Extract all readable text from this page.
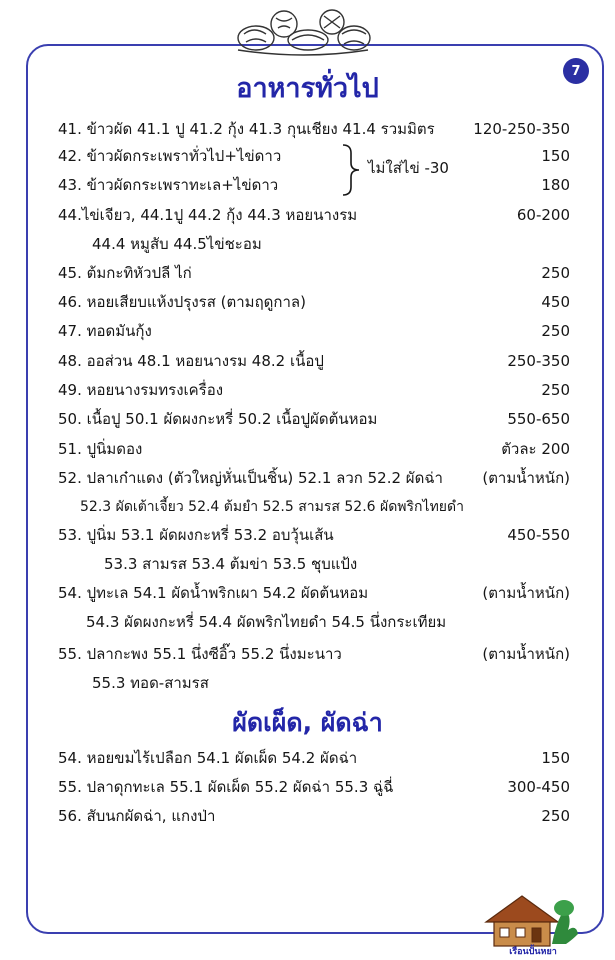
7
อาหารทั่วไป
41. ข้าวผัด 41.1 ปู 41.2 กุ้ง 41.3 กุนเชียง 41.4 รวมมิตร	120-250-350
42. ข้าวผัดกระเพราทั่วไป+ไข่ดาว	150
43. ข้าวผัดกระเพราทะเล+ไข่ดาว	180
ไม่ใส่ไข่ -30
44.ไข่เจียว, 44.1ปู 44.2 กุ้ง 44.3 หอยนางรม	60-200
44.4 หมูสับ 44.5ไข่ชะอม
45. ต้มกะทิหัวปลี ไก่	250
46. หอยเสียบแห้งปรุงรส (ตามฤดูกาล)	450
47. ทอดมันกุ้ง	250
48. ออส่วน 48.1 หอยนางรม 48.2 เนื้อปู	250-350
49. หอยนางรมทรงเครื่อง	250
50. เนื้อปู 50.1 ผัดผงกะหรี่ 50.2 เนื้อปูผัดต้นหอม	550-650
51. ปูนิ่มดอง	ตัวละ 200
52. ปลาเก๋าแดง (ตัวใหญ่หั่นเป็นชิ้น) 52.1 ลวก 52.2 ผัดฉ่า	(ตามน้ำหนัก)
52.3 ผัดเต้าเจี้ยว 52.4 ต้มยำ 52.5 สามรส 52.6 ผัดพริกไทยดำ
53. ปูนิ่ม 53.1 ผัดผงกะหรี่ 53.2 อบวุ้นเส้น	450-550
53.3 สามรส 53.4 ต้มข่า 53.5 ชุบแป้ง
54. ปูทะเล 54.1 ผัดน้ำพริกเผา 54.2 ผัดต้นหอม	(ตามน้ำหนัก)
54.3 ผัดผงกะหรี่ 54.4 ผัดพริกไทยดำ 54.5 นึ่งกระเทียม
55. ปลากะพง 55.1 นึ่งซีอิ๊ว 55.2 นึ่งมะนาว	(ตามน้ำหนัก)
55.3 ทอด-สามรส
ผัดเผ็ด, ผัดฉ่า
54. หอยขมไร้เปลือก 54.1 ผัดเผ็ด 54.2 ผัดฉ่า	150
55. ปลาดุกทะเล 55.1 ผัดเผ็ด 55.2 ผัดฉ่า 55.3 ฉู่ฉี่	300-450
56. สับนกผัดฉ่า, แกงป่า	250
เรือนปั้นหยา
